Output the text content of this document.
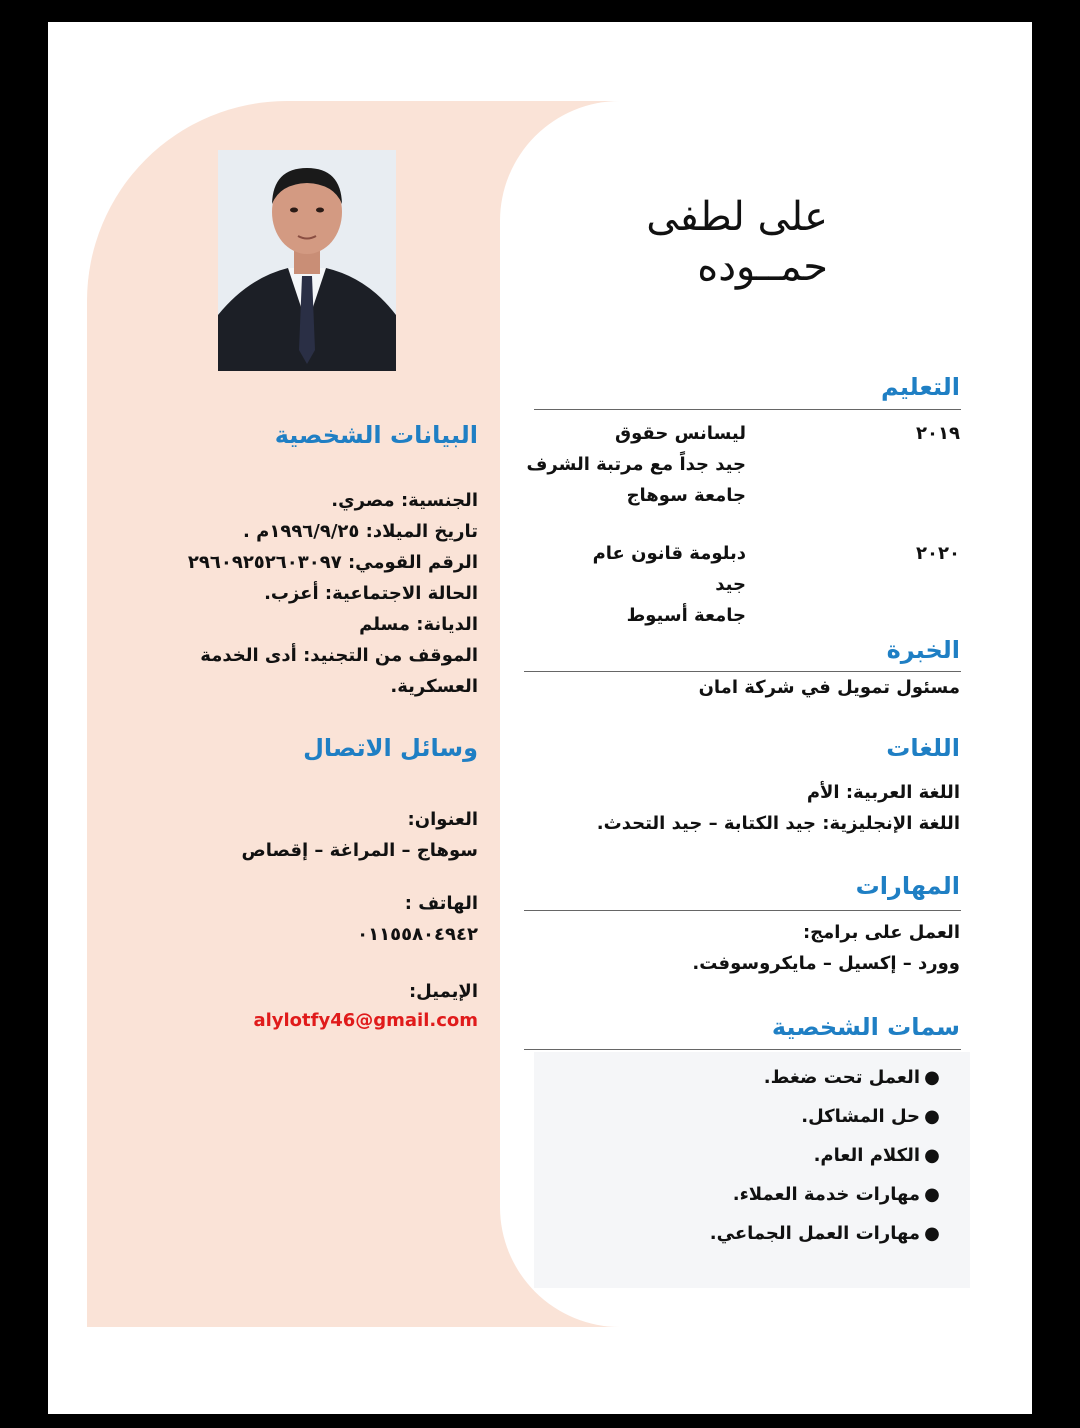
على لطفى
حمــوده
البيانات الشخصية
الجنسية: مصري.
تاريخ الميلاد: ١٩٩٦/٩/٢٥م .
الرقم القومي: ٢٩٦٠٩٢٥٢٦٠٣٠٩٧
الحالة الاجتماعية: أعزب.
الديانة: مسلم
الموقف من التجنيد: أدى الخدمة
العسكرية.
وسائل الاتصال
العنوان:
سوهاج – المراغة – إقصاص
الهاتف :
٠١١٥٥٨٠٤٩٤٢
الإيميل:
alylotfy46@gmail.com
التعليم
٢٠١٩
ليسانس حقوق
جيد جداً مع مرتبة الشرف
جامعة سوهاج
٢٠٢٠
دبلومة قانون عام
جيد
جامعة أسيوط
الخبرة
مسئول تمويل في شركة امان
اللغات
اللغة العربية: الأم
اللغة الإنجليزية: جيد الكتابة – جيد التحدث.
المهارات
العمل على برامج:
وورد – إكسيل – مايكروسوفت.
سمات الشخصية
●العمل تحت ضغط.
●حل المشاكل.
●الكلام العام.
●مهارات خدمة العملاء.
●مهارات العمل الجماعي.
